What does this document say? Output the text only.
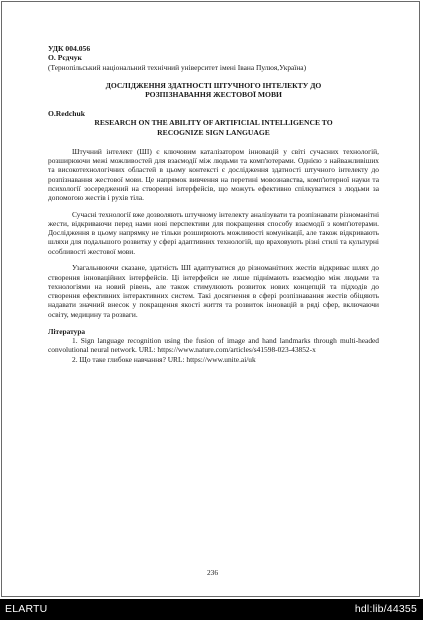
УДК 004.056
О. Рєдчук
(Тернопільський національний технічний університет імені Івана Пулюя,Україна)
ДОСЛІДЖЕННЯ ЗДАТНОСТІ ШТУЧНОГО ІНТЕЛЕКТУ ДО РОЗПІЗНАВАННЯ ЖЕСТОВОЇ МОВИ
O.Redchuk
RESEARCH ON THE ABILITY OF ARTIFICIAL INTELLIGENCE TO RECOGNIZE SIGN LANGUAGE

Штучний інтелект (ШІ) є ключовим каталізатором інновацій у світі сучасних технологій, розширюючи межі можливостей для взаємодії між людьми та комп'ютерами. Однією з найважливіших та високотехнологічних областей в цьому контексті є дослідження здатності штучного інтелекту до розпізнавання жестової мови. Це напрямок вивчення на перетині мовознавства, комп'ютерної науки та психології зосереджений на створенні інтерфейсів, що можуть ефективно спілкуватися з людьми за допомогою жестів і рухів тіла.

Сучасні технології вже дозволяють штучному інтелекту аналізувати та розпізнавати різноманітні жести, відкриваючи перед нами нові перспективи для покращення способу взаємодії з комп'ютерами. Дослідження в цьому напрямку не тільки розширюють можливості комунікації, але також відкривають шляхи для подальшого розвитку у сфері адаптивних технологій, що враховують різні стилі та культурні особливості жестової мови.

Узагальнюючи сказане, здатність ШІ адаптуватися до різноманітних жестів відкриває шлях до створення інноваційних інтерфейсів. Ці інтерфейси не лише піднімають взаємодію між людьми та технологіями на новий рівень, але також стимулюють розвиток нових концепцій та підходів до створення ефективних інтерактивних систем. Такі досягнення в сфері розпізнавання жестів обіцяють надавати значний внесок у покращення якості життя та розвиток інновацій в ряді сфер, включаючи освіту, медицину та розваги.

Література
1. Sign language recognition using the fusion of image and hand landmarks through multi-headed convolutional neural network. URL: https://www.nature.com/articles/s41598-023-43852-x
2. Що таке глибоке навчання? URL: https://www.unite.ai/uk
236
ELARTU	hdl:lib/44355
